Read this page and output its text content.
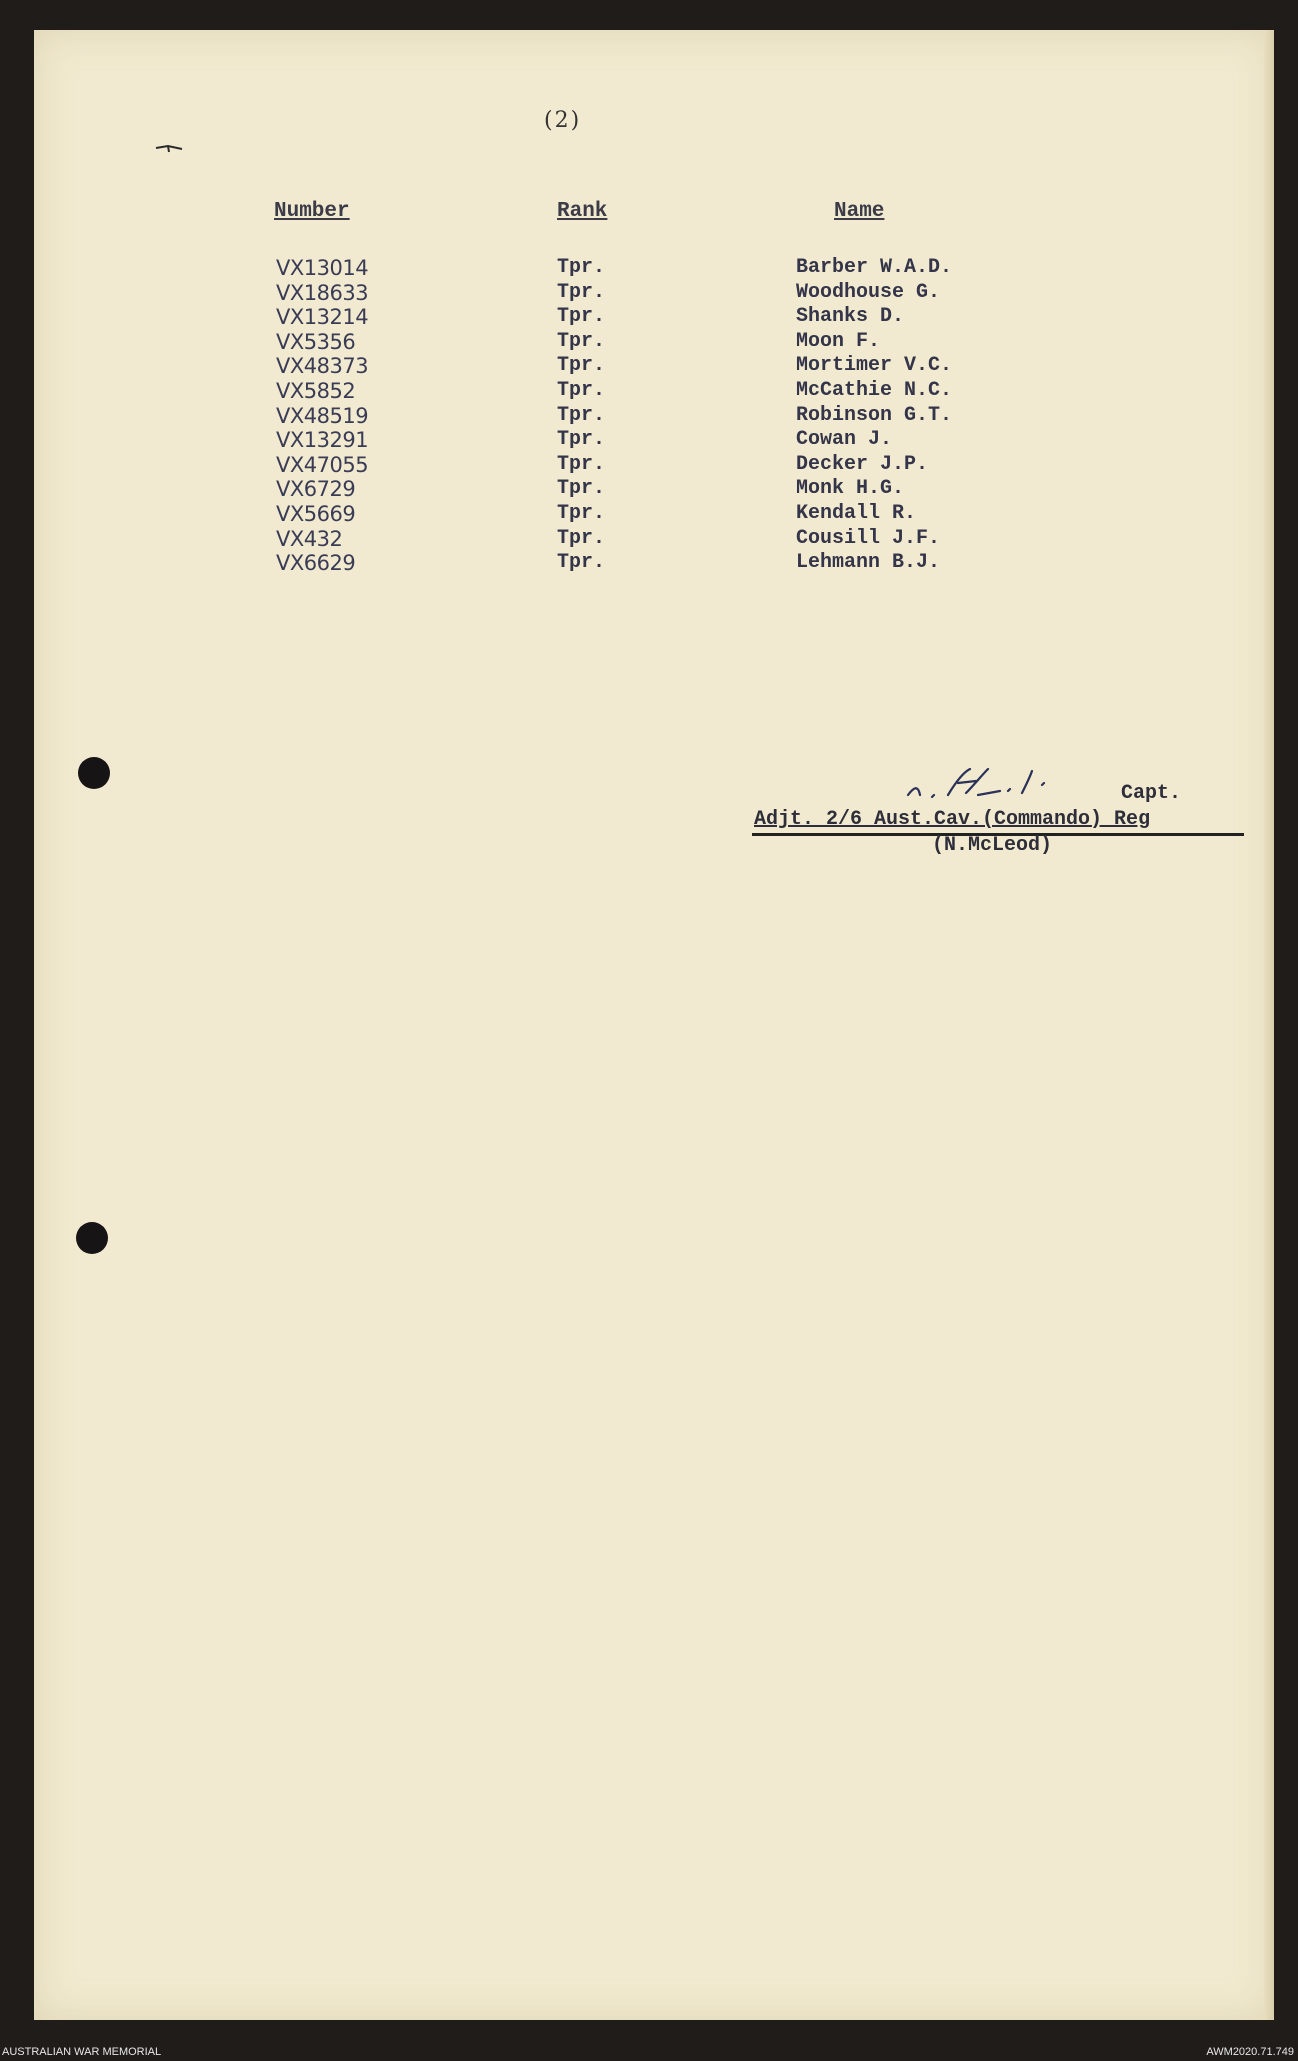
(2)
Number	Rank	Name
VX13014	Tpr.	Barber W.A.D.
VX18633	Tpr.	Woodhouse G.
VX13214	Tpr.	Shanks D.
VX5356	Tpr.	Moon F.
VX48373	Tpr.	Mortimer V.C.
VX5852	Tpr.	McCathie N.C.
VX48519	Tpr.	Robinson G.T.
VX13291	Tpr.	Cowan J.
VX47055	Tpr.	Decker J.P.
VX6729	Tpr.	Monk H.G.
VX5669	Tpr.	Kendall R.
VX432	Tpr.	Cousill J.F.
VX6629	Tpr.	Lehmann B.J.
Capt.
Adjt. 2/6 Aust.Cav.(Commando) Reg
(N.McLeod)
AUSTRALIAN WAR MEMORIAL	AWM2020.71.749
